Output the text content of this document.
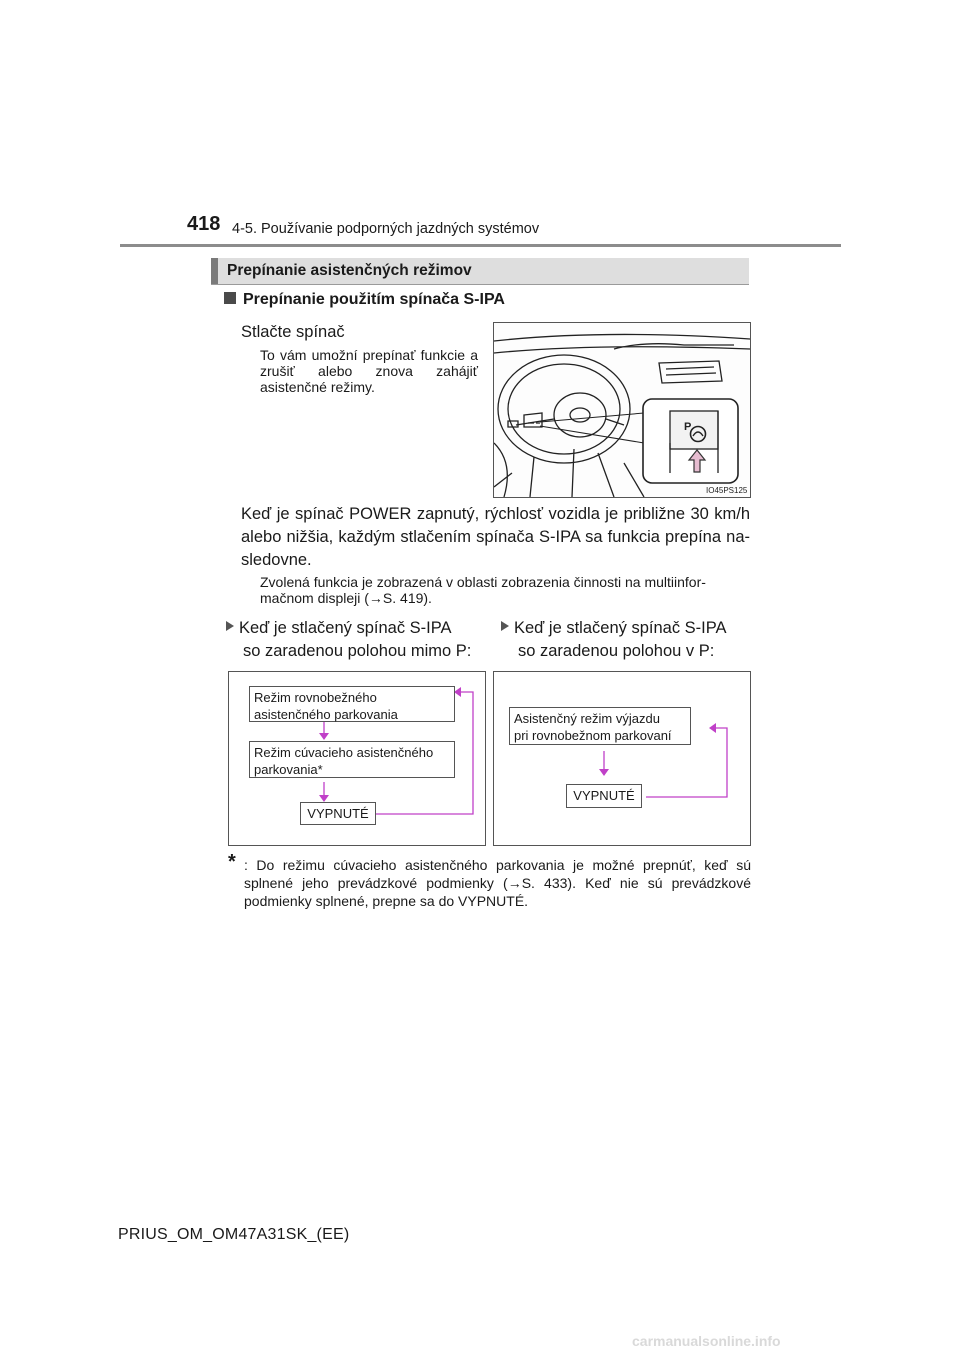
418 4-5. Používanie podporných jazdných systémov
Prepínanie asistenčných režimov
Prepínanie použitím spínača S-IPA
Stlačte spínač
To vám umožní prepínať funkcie a zrušiť alebo znova zahájiť asistenčné režimy.
P
IO45PS125
Keď je spínač POWER zapnutý, rýchlosť vozidla je približne 30 km/h alebo nižšia, každým stlačením spínača S-IPA sa funkcia prepína na-sledovne.
Zvolená funkcia je zobrazená v oblasti zobrazenia činnosti na multiinfor-
mačnom displeji (→S. 419).
Keď je stlačený spínač S-IPA
so zaradenou polohou mimo P:
Keď je stlačený spínač S-IPA
so zaradenou polohou v P:
Režim rovnobežného
asistenčného parkovania
Režim cúvacieho asistenčného
parkovania*
VYPNUTÉ
Asistenčný režim výjazdu
pri rovnobežnom parkovaní
VYPNUTÉ
* : Do režimu cúvacieho asistenčného parkovania je možné prepnúť, keď sú splnené jeho prevádzkové podmienky (→S. 433). Keď nie sú prevádzkové podmienky splnené, prepne sa do VYPNUTÉ.
PRIUS_OM_OM47A31SK_(EE)
carmanualsonline.info
